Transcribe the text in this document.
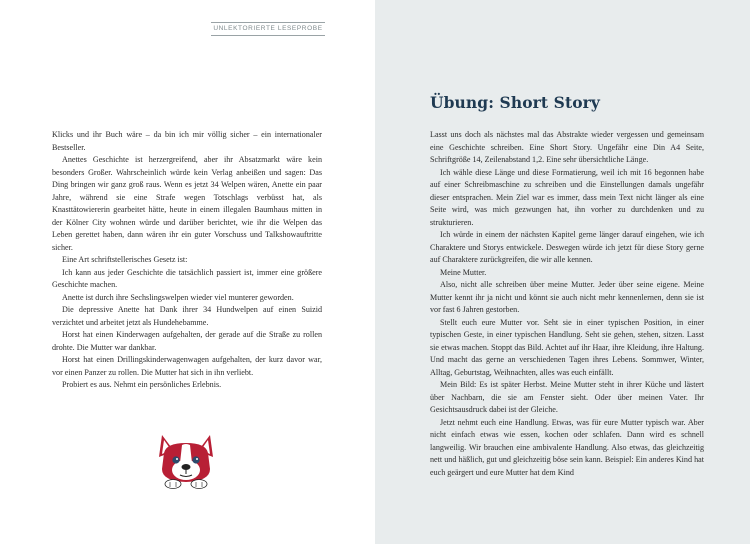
UNLEKTORIERTE LESEPROBE

Klicks und ihr Buch wäre – da bin ich mir völlig sicher – ein internationaler Bestseller.

Anettes Geschichte ist herzergreifend, aber ihr Absatzmarkt wäre kein besonders Großer. Wahrscheinlich würde kein Verlag anbeißen und sagen: Das Ding bringen wir ganz groß raus. Wenn es jetzt 34 Welpen wären, Anette ein paar Jahre, während sie eine Strafe wegen Totschlags verbüsst hat, als Knasttätowiererin gearbeitet hätte, heute in einem illegalen Baumhaus mitten in der Kölner City wohnen würde und darüber berichtet, wie ihr die Welpen das Leben gerettet haben, dann wären ihr ein guter Vorschuss und Talkshowauftritte sicher.

Eine Art schriftstellerisches Gesetz ist:

Ich kann aus jeder Geschichte die tatsächlich passiert ist, immer eine größere Geschichte machen.

Anette ist durch ihre Sechslingswelpen wieder viel munterer geworden.

Die depressive Anette hat Dank ihrer 34 Hundwelpen auf einen Suizid verzichtet und arbeitet jetzt als Hundehebamme.

Horst hat einen Kinderwagen aufgehalten, der gerade auf die Straße zu rollen drohte. Die Mutter war dankbar.

Horst hat einen Drillingskinderwagenwagen aufgehalten, der kurz davor war, vor einen Panzer zu rollen. Die Mutter hat sich in ihn verliebt.

Probiert es aus. Nehmt ein persönliches Erlebnis.

Übung: Short Story

Lasst uns doch als nächstes mal das Abstrakte wieder vergessen und gemeinsam eine Geschichte schreiben. Eine Short Story. Ungefähr eine Din A4 Seite, Schriftgröße 14, Zeilenabstand 1,2. Eine sehr übersichtliche Länge.

Ich wähle diese Länge und diese Formatierung, weil ich mit 16 begonnen habe auf einer Schreibmaschine zu schreiben und die Einstellungen damals ungefähr dieser entsprachen. Mein Ziel war es immer, dass mein Text nicht länger als eine Seite wird, was mich gezwungen hat, ihn vorher zu durchdenken und zu strukturieren.

Ich würde in einem der nächsten Kapitel gerne länger darauf eingehen, wie ich Charaktere und Storys entwickele. Deswegen würde ich jetzt für diese Story gerne auf Charaktere zurückgreifen, die wir alle kennen.

Meine Mutter.

Also, nicht alle schreiben über meine Mutter. Jeder über seine eigene. Meine Mutter kennt ihr ja nicht und könnt sie auch nicht mehr kennenlernen, denn sie ist vor fast 6 Jahren gestorben.

Stellt euch eure Mutter vor. Seht sie in einer typischen Position, in einer typischen Geste, in einer typischen Handlung. Seht sie gehen, stehen, sitzen. Lasst sie etwas machen. Stoppt das Bild. Achtet auf ihr Haar, ihre Kleidung, ihre Haltung. Und macht das gerne an verschiedenen Tagen ihres Lebens. Sommwer, Winter, Alltag, Geburtstag, Weihnachten, alles was euch einfällt.

Mein Bild: Es ist später Herbst. Meine Mutter steht in ihrer Küche und lästert über Nachbarn, die sie am Fenster sieht. Oder über meinen Vater. Ihr Gesichtsausdruck dabei ist der Gleiche.

Jetzt nehmt euch eine Handlung. Etwas, was für eure Mutter typisch war. Aber nicht einfach etwas wie essen, kochen oder schlafen. Dann wird es schnell langweilig. Wir brauchen eine ambivalente Handlung. Also etwas, das gleichzeitig nett und häßlich, gut und gleichzeitig böse sein kann. Beispiel: Ein anderes Kind hat euch geärgert und eure Mutter hat dem Kind
